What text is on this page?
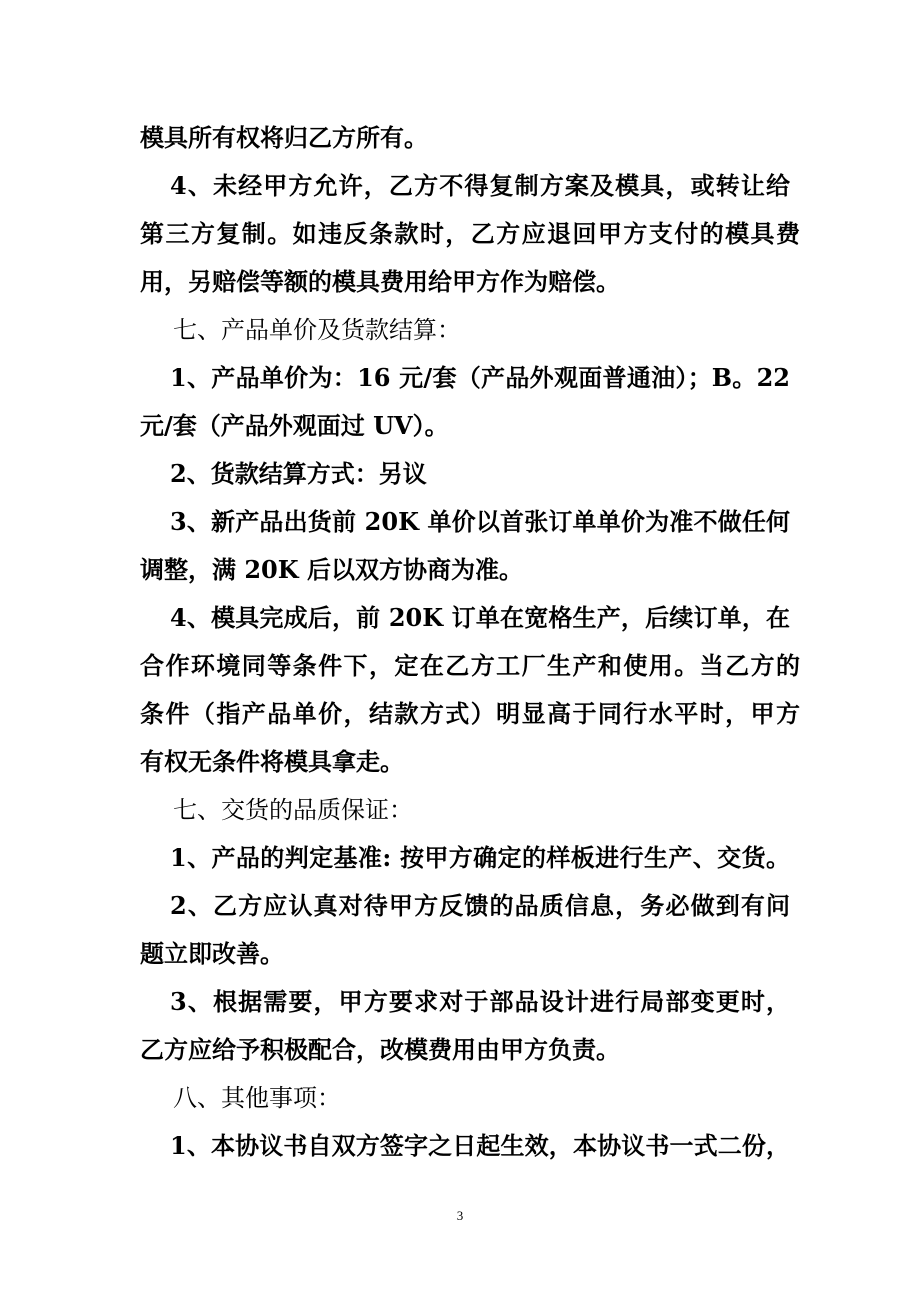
模具所有权将归乙方所有。
4、未经甲方允许，乙方不得复制方案及模具，或转让给
第三方复制。如违反条款时，乙方应退回甲方支付的模具费
用，另赔偿等额的模具费用给甲方作为赔偿。
七、产品单价及货款结算：
1、产品单价为：16 元/套（产品外观面普通油）；B。22
元/套（产品外观面过 UV）。
2、货款结算方式：另议
3、新产品出货前 20K 单价以首张订单单价为准不做任何
调整，满 20K 后以双方协商为准。
4、模具完成后，前 20K 订单在宽格生产，后续订单，在
合作环境同等条件下，定在乙方工厂生产和使用。当乙方的
条件（指产品单价，结款方式）明显高于同行水平时，甲方
有权无条件将模具拿走。
七、交货的品质保证：
1、产品的判定基准: 按甲方确定的样板进行生产、交货。
2、乙方应认真对待甲方反馈的品质信息，务必做到有问
题立即改善。
3、根据需要，甲方要求对于部品设计进行局部变更时，
乙方应给予积极配合，改模费用由甲方负责。
八、其他事项：
1、本协议书自双方签字之日起生效，本协议书一式二份，
3
